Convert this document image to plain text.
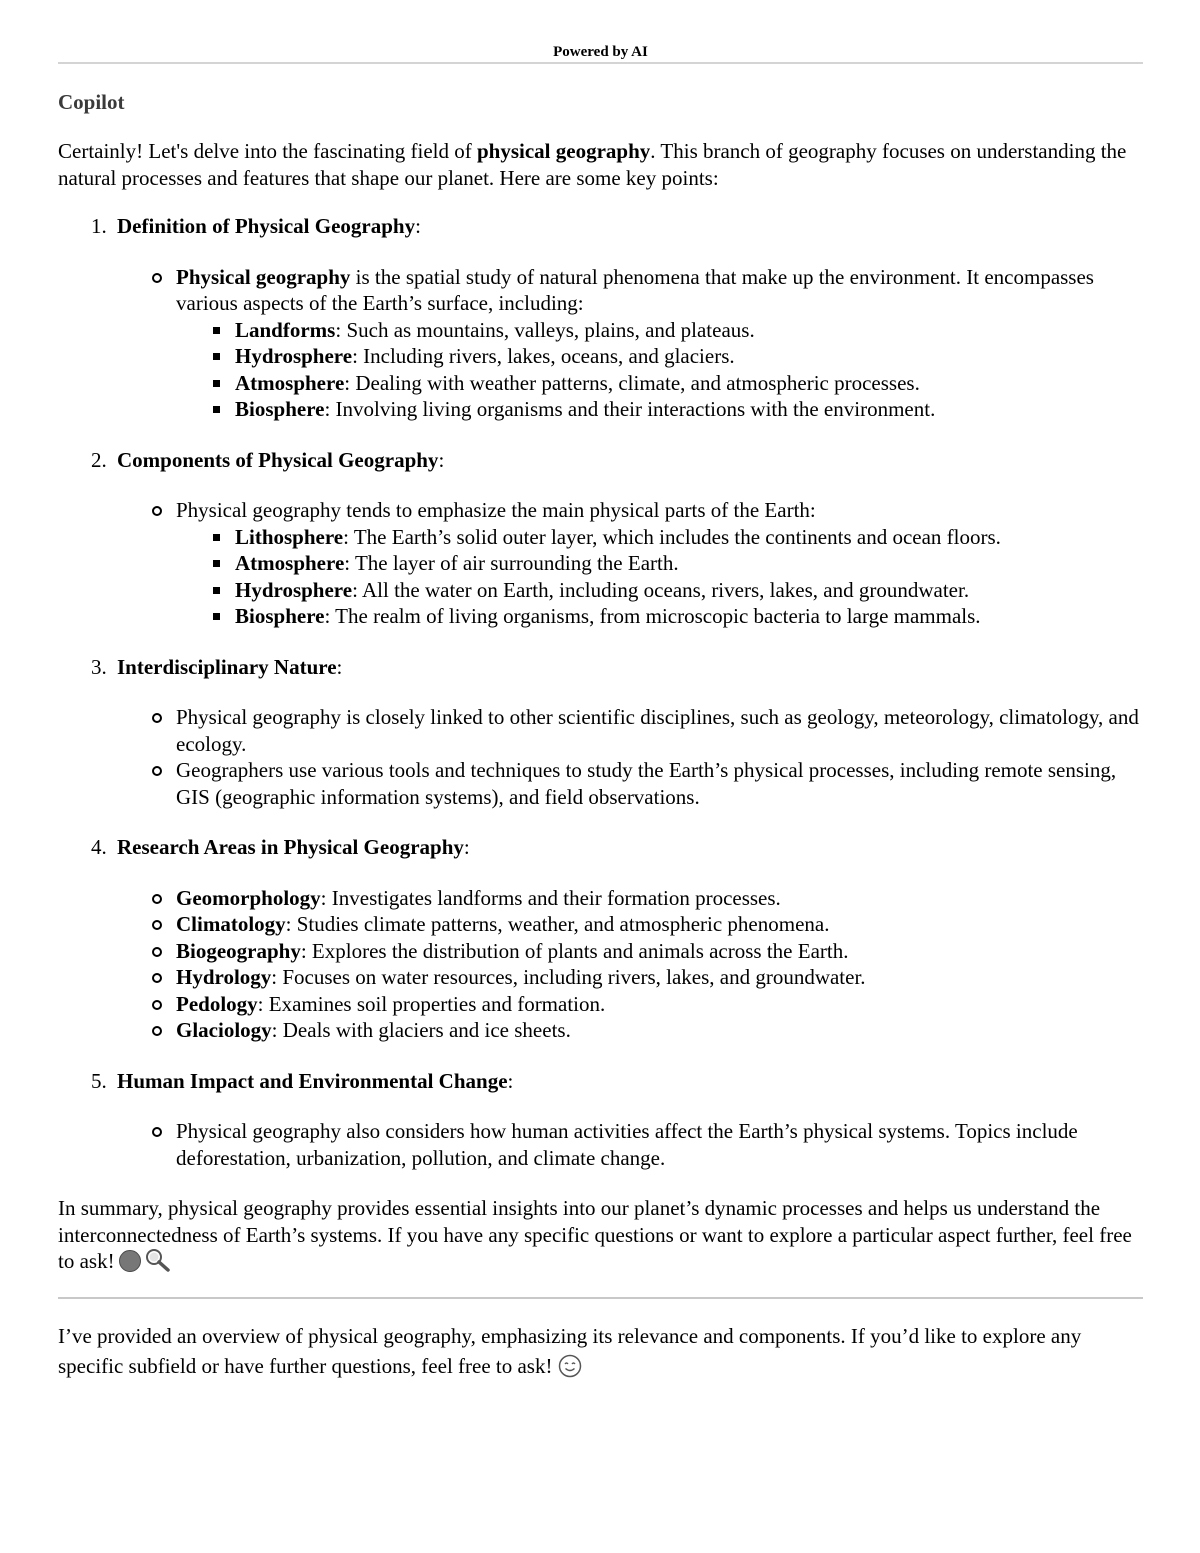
Powered by AI
Copilot

Certainly! Let's delve into the fascinating field of physical geography. This branch of geography focuses on understanding the natural processes and features that shape our planet. Here are some key points:

1. Definition of Physical Geography:
Physical geography is the spatial study of natural phenomena that make up the environment. It encompasses various aspects of the Earth’s surface, including:
Landforms: Such as mountains, valleys, plains, and plateaus.
Hydrosphere: Including rivers, lakes, oceans, and glaciers.
Atmosphere: Dealing with weather patterns, climate, and atmospheric processes.
Biosphere: Involving living organisms and their interactions with the environment.
2. Components of Physical Geography:
Physical geography tends to emphasize the main physical parts of the Earth:
Lithosphere: The Earth’s solid outer layer, which includes the continents and ocean floors.
Atmosphere: The layer of air surrounding the Earth.
Hydrosphere: All the water on Earth, including oceans, rivers, lakes, and groundwater.
Biosphere: The realm of living organisms, from microscopic bacteria to large mammals.
3. Interdisciplinary Nature:
Physical geography is closely linked to other scientific disciplines, such as geology, meteorology, climatology, and ecology.
Geographers use various tools and techniques to study the Earth’s physical processes, including remote sensing, GIS (geographic information systems), and field observations.
4. Research Areas in Physical Geography:
Geomorphology: Investigates landforms and their formation processes.
Climatology: Studies climate patterns, weather, and atmospheric phenomena.
Biogeography: Explores the distribution of plants and animals across the Earth.
Hydrology: Focuses on water resources, including rivers, lakes, and groundwater.
Pedology: Examines soil properties and formation.
Glaciology: Deals with glaciers and ice sheets.
5. Human Impact and Environmental Change:
Physical geography also considers how human activities affect the Earth’s physical systems. Topics include deforestation, urbanization, pollution, and climate change.

In summary, physical geography provides essential insights into our planet’s dynamic processes and helps us understand the interconnectedness of Earth’s systems. If you have any specific questions or want to explore a particular aspect further, feel free to ask!

I’ve provided an overview of physical geography, emphasizing its relevance and components. If you’d like to explore any specific subfield or have further questions, feel free to ask!
